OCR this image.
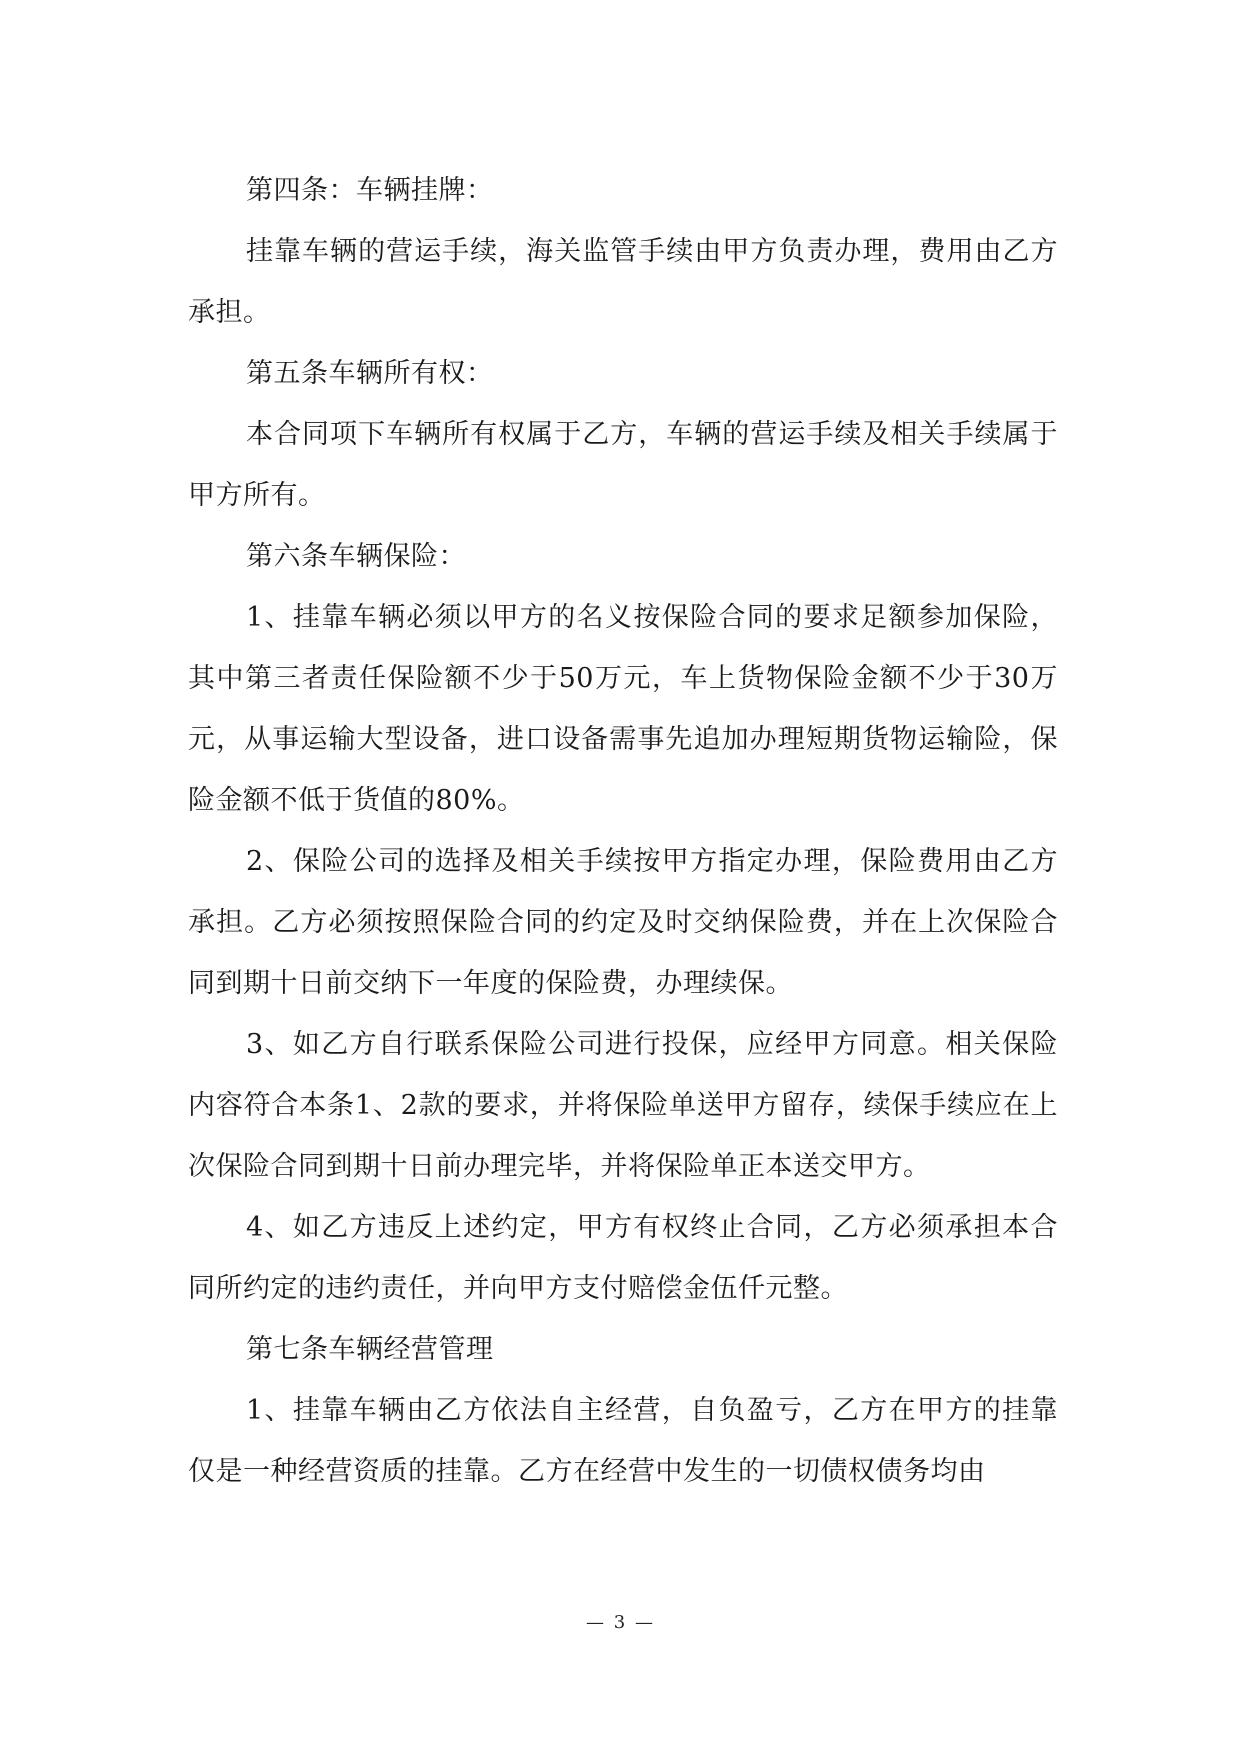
第四条：车辆挂牌：

挂靠车辆的营运手续，海关监管手续由甲方负责办理，费用由乙方承担。

第五条车辆所有权：

本合同项下车辆所有权属于乙方，车辆的营运手续及相关手续属于甲方所有。

第六条车辆保险：

1、挂靠车辆必须以甲方的名义按保险合同的要求足额参加保险，其中第三者责任保险额不少于50万元，车上货物保险金额不少于30万元，从事运输大型设备，进口设备需事先追加办理短期货物运输险，保险金额不低于货值的80%。

2、保险公司的选择及相关手续按甲方指定办理，保险费用由乙方承担。乙方必须按照保险合同的约定及时交纳保险费，并在上次保险合同到期十日前交纳下一年度的保险费，办理续保。

3、如乙方自行联系保险公司进行投保，应经甲方同意。相关保险内容符合本条1、2款的要求，并将保险单送甲方留存，续保手续应在上次保险合同到期十日前办理完毕，并将保险单正本送交甲方。

4、如乙方违反上述约定，甲方有权终止合同，乙方必须承担本合同所约定的违约责任，并向甲方支付赔偿金伍仟元整。

第七条车辆经营管理

1、挂靠车辆由乙方依法自主经营，自负盈亏，乙方在甲方的挂靠仅是一种经营资质的挂靠。乙方在经营中发生的一切债权债务均由

— 3 —
